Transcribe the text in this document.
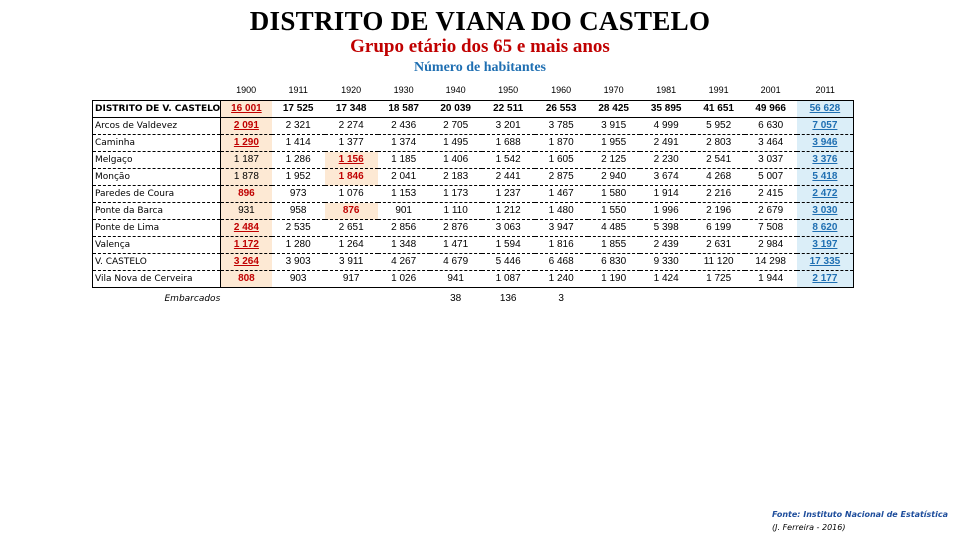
DISTRITO DE VIANA DO CASTELO
Grupo etário dos 65 e mais anos
Número de habitantes
	1900	1911	1920	1930	1940	1950	1960	1970	1981	1991	2001	2011
DISTRITO DE V. CASTELO	16 001	17 525	17 348	18 587	20 039	22 511	26 553	28 425	35 895	41 651	49 966	56 628
Arcos de Valdevez	2 091	2 321	2 274	2 436	2 705	3 201	3 785	3 915	4 999	5 952	6 630	7 057
Caminha	1 290	1 414	1 377	1 374	1 495	1 688	1 870	1 955	2 491	2 803	3 464	3 946
Melgaço	1 187	1 286	1 156	1 185	1 406	1 542	1 605	2 125	2 230	2 541	3 037	3 376
Monção	1 878	1 952	1 846	2 041	2 183	2 441	2 875	2 940	3 674	4 268	5 007	5 418
Paredes de Coura	896	973	1 076	1 153	1 173	1 237	1 467	1 580	1 914	2 216	2 415	2 472
Ponte da Barca	931	958	876	901	1 110	1 212	1 480	1 550	1 996	2 196	2 679	3 030
Ponte de Lima	2 484	2 535	2 651	2 856	2 876	3 063	3 947	4 485	5 398	6 199	7 508	8 620
Valença	1 172	1 280	1 264	1 348	1 471	1 594	1 816	1 855	2 439	2 631	2 984	3 197
V. CASTELO	3 264	3 903	3 911	4 267	4 679	5 446	6 468	6 830	9 330	11 120	14 298	17 335
Vila Nova de Cerveira	808	903	917	1 026	941	1 087	1 240	1 190	1 424	1 725	1 944	2 177
Embarcados					38	136	3					
Fonte: Instituto Nacional de Estatística
(J. Ferreira - 2016)
